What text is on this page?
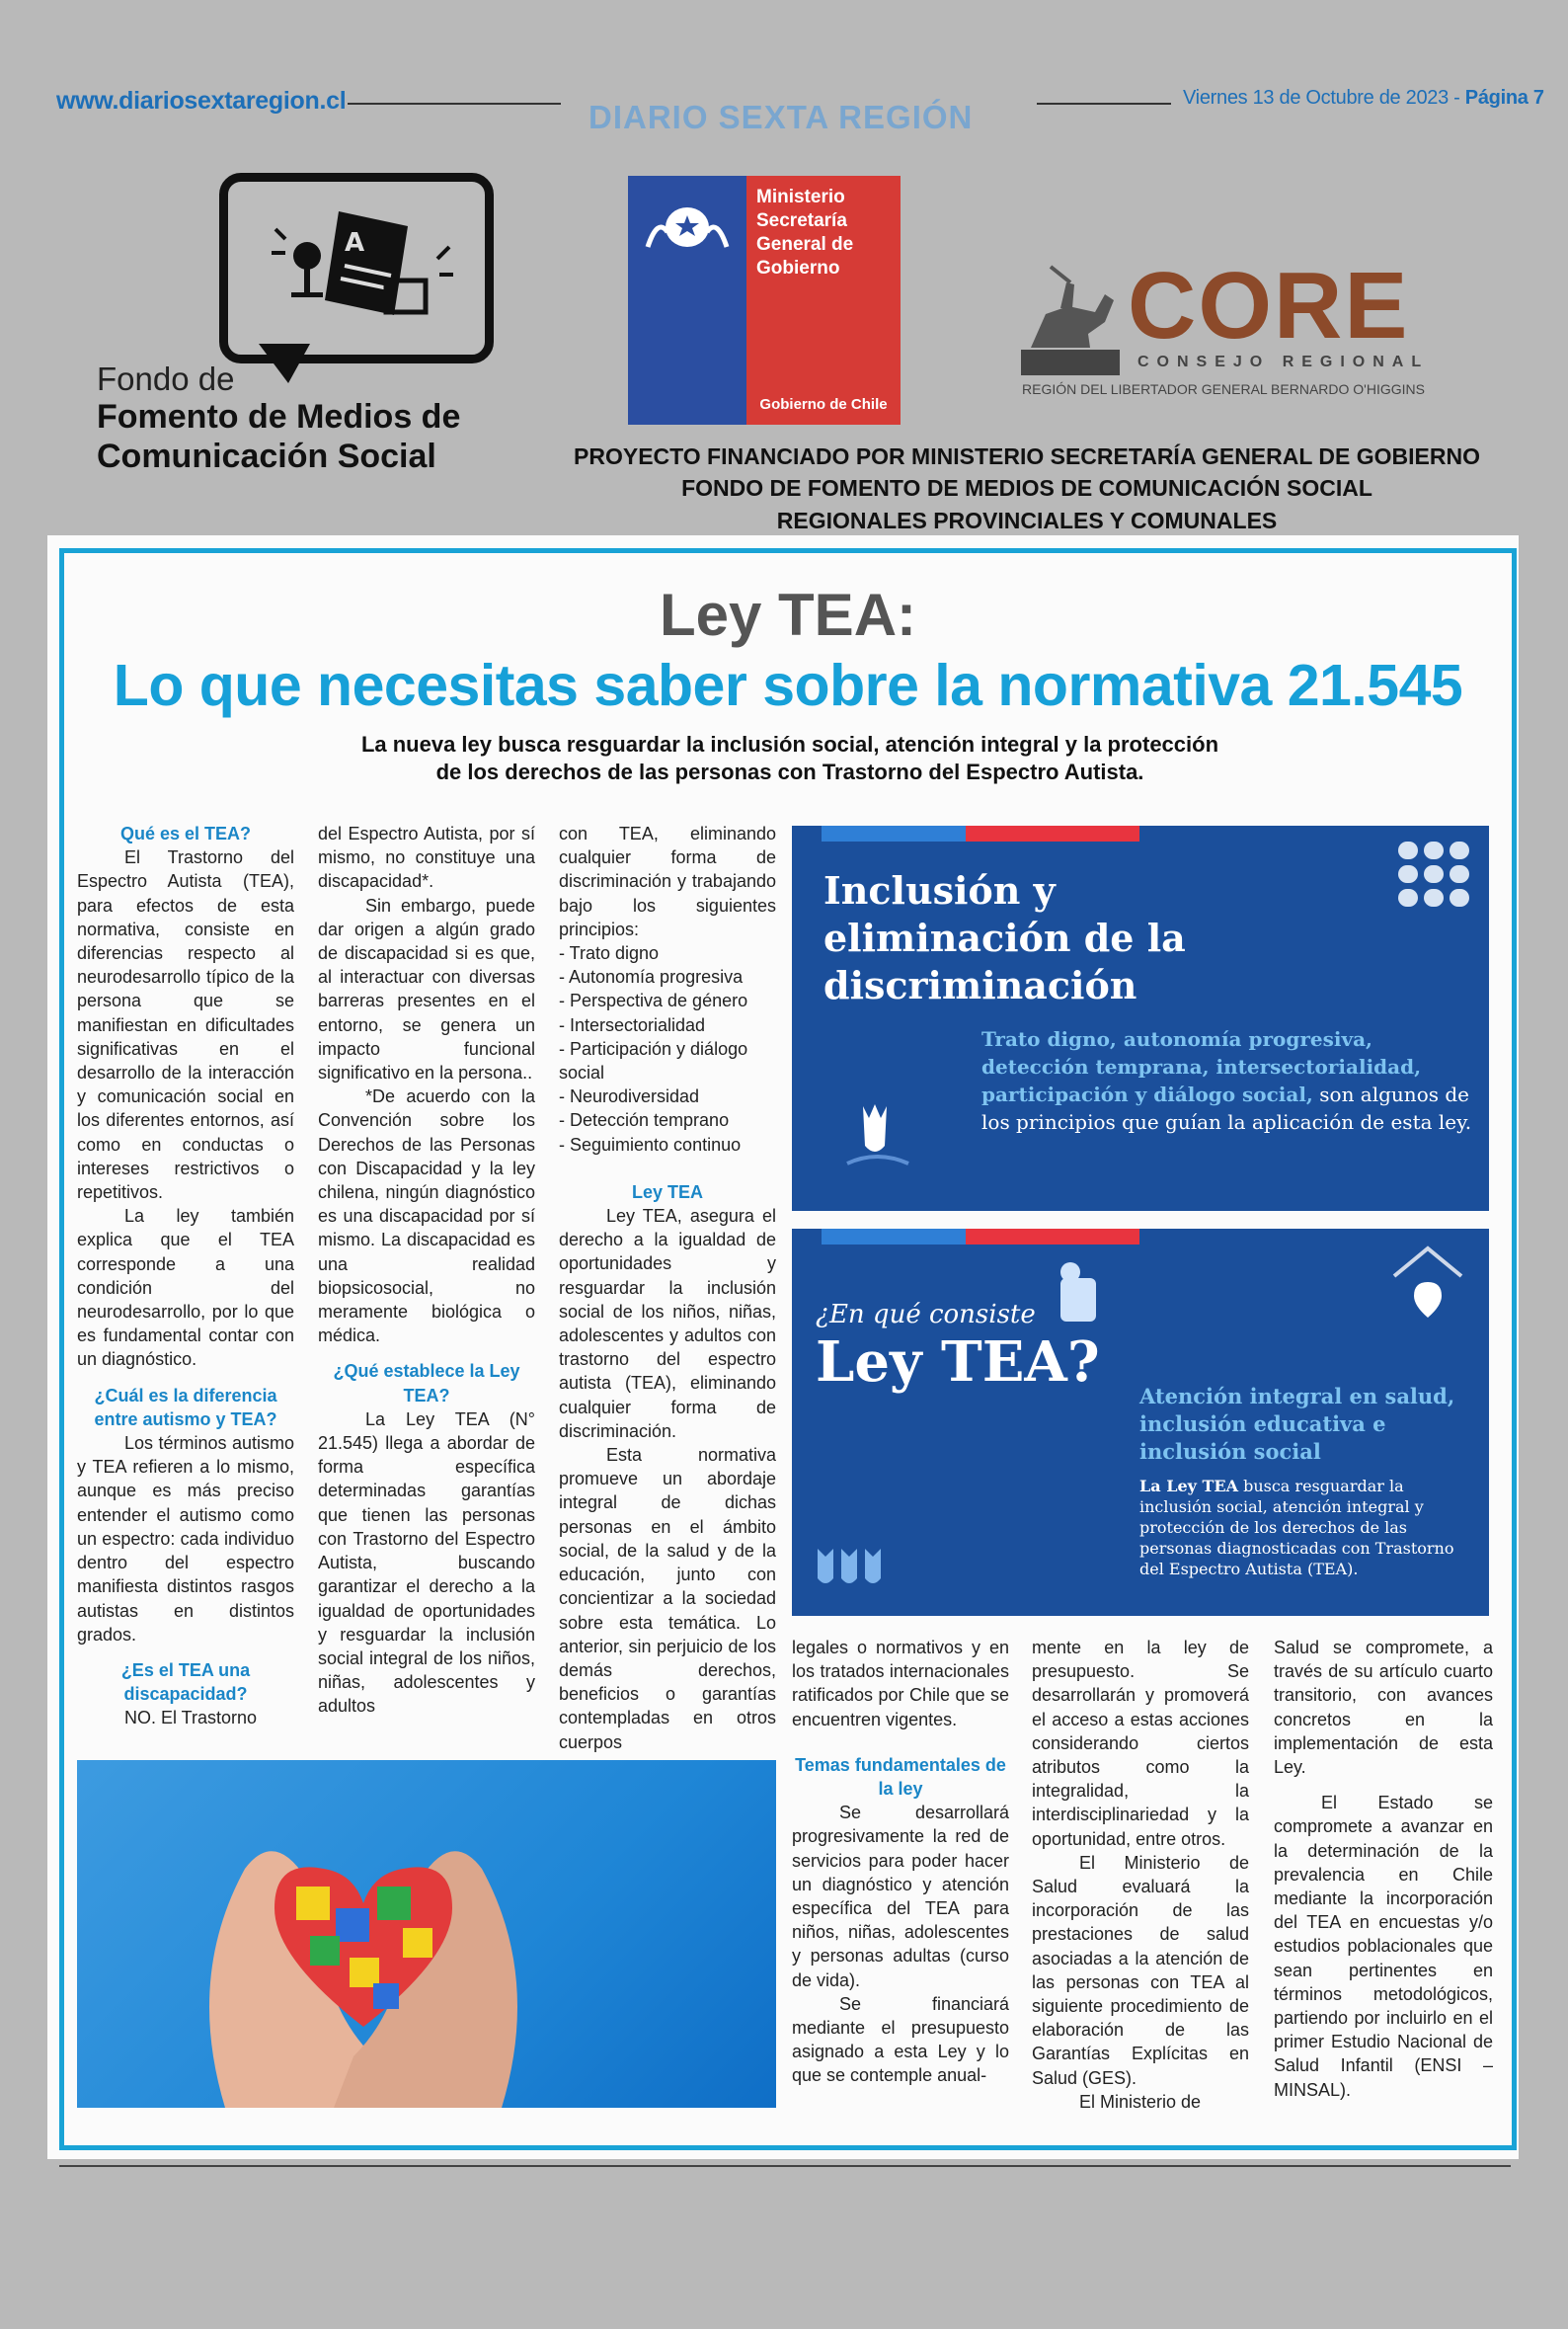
www.diariosextaregion.cl	DIARIO SEXTA REGIÓN
Viernes 13 de Octubre de 2023 - Página 7
A
Fondo de
Fomento de Medios de
Comunicación Social
Ministerio
Secretaría
General de
Gobierno
Gobierno de Chile
CORE
CONSEJO REGIONAL
REGIÓN DEL LIBERTADOR GENERAL BERNARDO O'HIGGINS
PROYECTO FINANCIADO POR MINISTERIO SECRETARÍA GENERAL DE GOBIERNO
FONDO DE FOMENTO DE MEDIOS DE COMUNICACIÓN SOCIAL
REGIONALES PROVINCIALES Y COMUNALES
Ley TEA:
Lo que necesitas saber sobre la normativa 21.545
La nueva ley busca resguardar la inclusión social, atención integral y la protección
de los derechos de las personas con Trastorno del Espectro Autista.
Qué es el TEA?

El Trastorno del Espectro Autista (TEA), para efectos de esta normativa, consiste en diferencias respecto al neurodesarrollo típico de la persona que se manifiestan en dificultades significativas en el desarrollo de la interacción y comunicación social en los diferentes entornos, así como en conductas o intereses restrictivos o repetitivos.

La ley también explica que el TEA corresponde a una condición del neurodesarrollo, por lo que es fundamental contar con un diagnóstico.

¿Cuál es la diferencia entre autismo y TEA?

Los términos autismo y TEA refieren a lo mismo, aunque es más preciso entender el autismo como un espectro: cada individuo dentro del espectro manifiesta distintos rasgos autistas en distintos grados.

¿Es el TEA una discapacidad?

NO. El Trastorno

del Espectro Autista, por sí mismo, no constituye una discapacidad*.

Sin embargo, puede dar origen a algún grado de discapacidad si es que, al interactuar con diversas barreras presentes en el entorno, se genera un impacto funcional significativo en la persona..

*De acuerdo con la Convención sobre los Derechos de las Personas con Discapacidad y la ley chilena, ningún diagnóstico es una discapacidad por sí mismo. La discapacidad es una realidad biopsicosocial, no meramente biológica o médica.

¿Qué establece la Ley TEA?

La Ley TEA (N° 21.545) llega a abordar de forma específica determinadas garantías que tienen las personas con Trastorno del Espectro Autista, buscando garantizar el derecho a la igualdad de oportunidades y resguardar la inclusión social integral de los niños, niñas, adolescentes y adultos

con TEA, eliminando cualquier forma de discriminación y trabajando bajo los siguientes principios:

- Trato digno
- Autonomía progresiva
- Perspectiva de género
- Intersectorialidad
- Participación y diálogo social
- Neurodiversidad
- Detección temprano
- Seguimiento continuo
Ley TEA

Ley TEA, asegura el derecho a la igualdad de oportunidades y resguardar la inclusión social de los niños, niñas, adolescentes y adultos con trastorno del espectro autista (TEA), eliminando cualquier forma de discriminación.

Esta normativa promueve un abordaje integral de dichas personas en el ámbito social, de la salud y de la educación, junto con concientizar a la sociedad sobre esta temática. Lo anterior, sin perjuicio de los demás derechos, beneficios o garantías contempladas en otros cuerpos

Inclusión y
eliminación de la
discriminación
Trato digno, autonomía progresiva, detección temprana, intersectorialidad, participación y diálogo social, son algunos de los principios que guían la aplicación de esta ley.
¿En qué consiste
Ley TEA?
Atención integral en salud, inclusión educativa e inclusión social
La Ley TEA busca resguardar la inclusión social, atención integral y protección de los derechos de las personas diagnosticadas con Trastorno del Espectro Autista (TEA).

legales o normativos y en los tratados internacionales ratificados por Chile que se encuentren vigentes.

Temas fundamentales de la ley

Se desarrollará progresivamente la red de servicios para poder hacer un diagnóstico y atención específica del TEA para niños, niñas, adolescentes y personas adultas (curso de vida).

Se financiará mediante el presupuesto asignado a esta Ley y lo que se contemple anual-

mente en la ley de presupuesto. Se desarrollarán y promoverá el acceso a estas acciones considerando ciertos atributos como la integralidad, la interdisciplinariedad y la oportunidad, entre otros.

El Ministerio de Salud evaluará la incorporación de las prestaciones de salud asociadas a la atención de las personas con TEA al siguiente procedimiento de elaboración de las Garantías Explícitas en Salud (GES).

El Ministerio de

Salud se compromete, a través de su artículo cuarto transitorio, con avances concretos en la implementación de esta Ley.

El Estado se compromete a avanzar en la determinación de la prevalencia en Chile mediante la incorporación del TEA en encuestas y/o estudios poblacionales que sean pertinentes en términos metodológicos, partiendo por incluirlo en el primer Estudio Nacional de Salud Infantil (ENSI – MINSAL).
